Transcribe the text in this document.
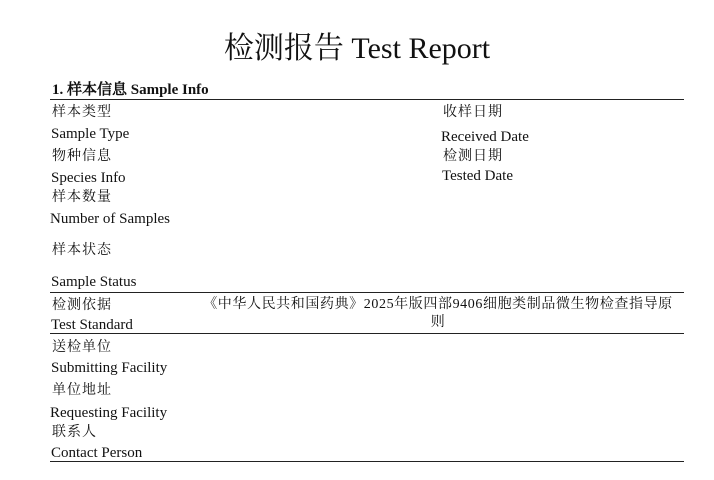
检测报告 Test Report
1. 样本信息 Sample Info
样本类型
Sample Type
物种信息
Species Info
样本数量
Number of Samples
收样日期
Received Date
检测日期
Tested Date
样本状态
Sample Status
检测依据
Test Standard
《中华人民共和国药典》2025年版四部9406细胞类制品微生物检查指导原则
送检单位
Submitting Facility
单位地址
Requesting Facility
联系人
Contact Person
